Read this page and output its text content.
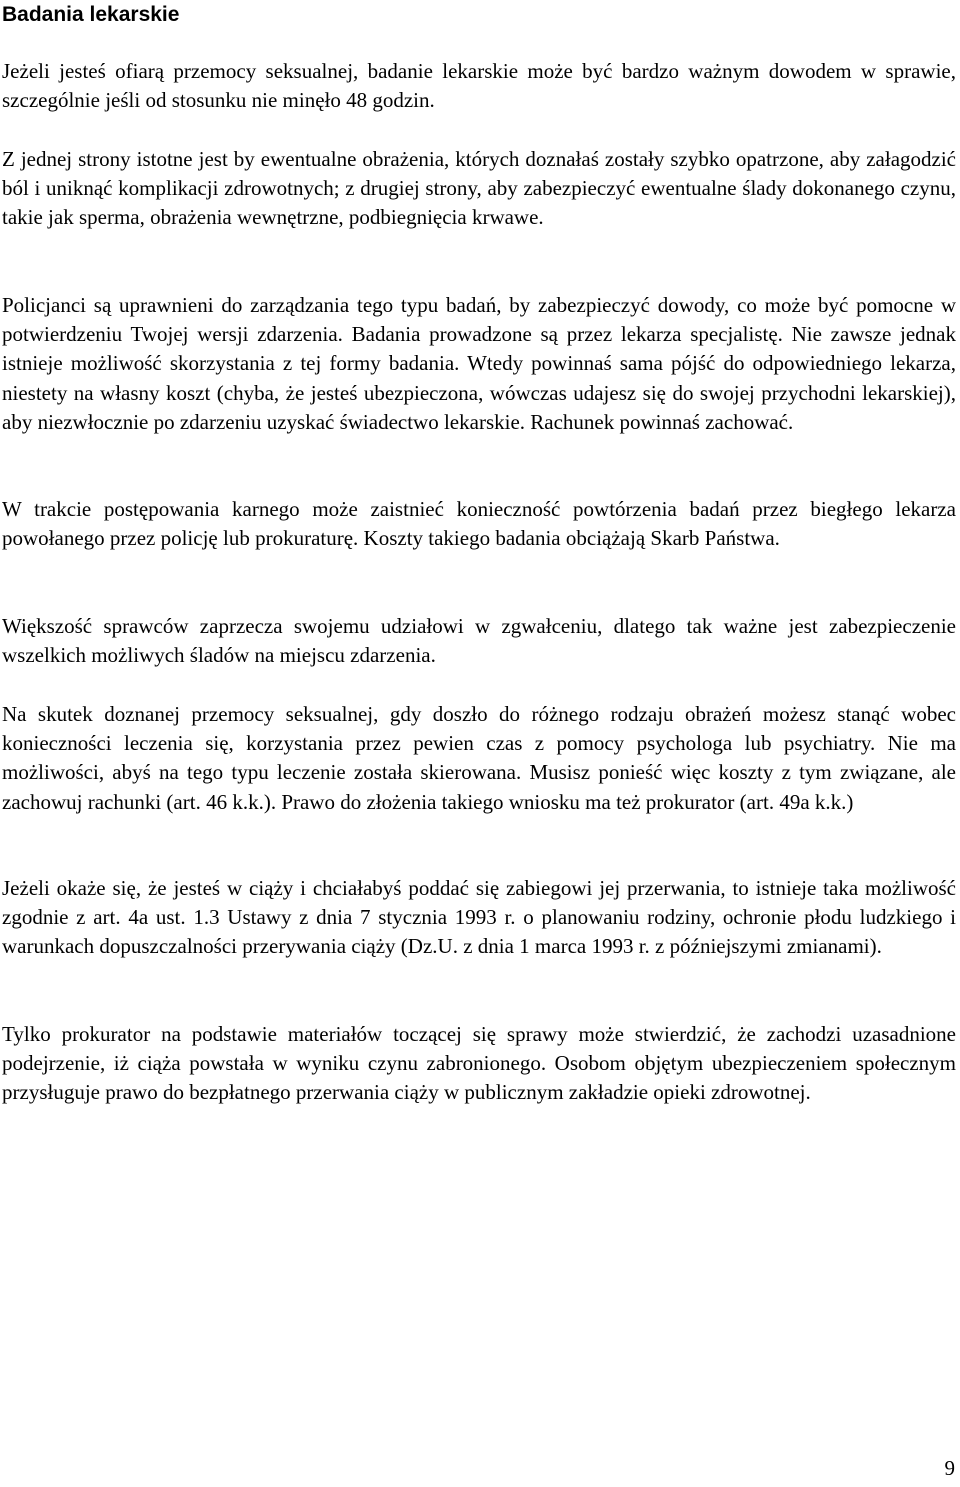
Badania lekarskie

Jeżeli jesteś ofiarą przemocy seksualnej, badanie lekarskie może być bardzo ważnym dowodem w sprawie, szczególnie jeśli od stosunku nie minęło 48 godzin.

Z jednej strony istotne jest by ewentualne obrażenia, których doznałaś zostały szybko opatrzone, aby załagodzić ból i uniknąć komplikacji zdrowotnych; z drugiej strony, aby zabezpieczyć ewentualne ślady dokonanego czynu, takie jak sperma, obrażenia wewnętrzne, podbiegnięcia krwawe.

Policjanci są uprawnieni do zarządzania tego typu badań, by zabezpieczyć dowody, co może być pomocne w potwierdzeniu Twojej wersji zdarzenia. Badania prowadzone są przez lekarza specjalistę. Nie zawsze jednak istnieje możliwość skorzystania z tej formy badania. Wtedy powinnaś sama pójść do odpowiedniego lekarza, niestety na własny koszt (chyba, że jesteś ubezpieczona, wówczas udajesz się do swojej przychodni lekarskiej), aby niezwłocznie po zdarzeniu uzyskać świadectwo lekarskie. Rachunek powinnaś zachować.

W trakcie postępowania karnego może zaistnieć konieczność powtórzenia badań przez biegłego lekarza powołanego przez policję lub prokuraturę. Koszty takiego badania obciążają Skarb Państwa.

Większość sprawców zaprzecza swojemu udziałowi w zgwałceniu, dlatego tak ważne jest zabezpieczenie wszelkich możliwych śladów na miejscu zdarzenia.

Na skutek doznanej przemocy seksualnej, gdy doszło do różnego rodzaju obrażeń możesz stanąć wobec konieczności leczenia się, korzystania przez pewien czas z pomocy psychologa lub psychiatry. Nie ma możliwości, abyś na tego typu leczenie została skierowana. Musisz ponieść więc koszty z tym związane, ale zachowuj rachunki (art. 46 k.k.). Prawo do złożenia takiego wniosku ma też prokurator (art. 49a k.k.)

Jeżeli okaże się, że jesteś w ciąży i chciałabyś poddać się zabiegowi jej przerwania, to istnieje taka możliwość zgodnie z art. 4a ust. 1.3 Ustawy z dnia 7 stycznia 1993 r. o planowaniu rodziny, ochronie płodu ludzkiego i warunkach dopuszczalności przerywania ciąży (Dz.U. z dnia 1 marca 1993 r. z późniejszymi zmianami).

Tylko prokurator na podstawie materiałów toczącej się sprawy może stwierdzić, że zachodzi uzasadnione podejrzenie, iż ciąża powstała w wyniku czynu zabronionego. Osobom objętym ubezpieczeniem społecznym przysługuje prawo do bezpłatnego przerwania ciąży w publicznym zakładzie opieki zdrowotnej.

9
